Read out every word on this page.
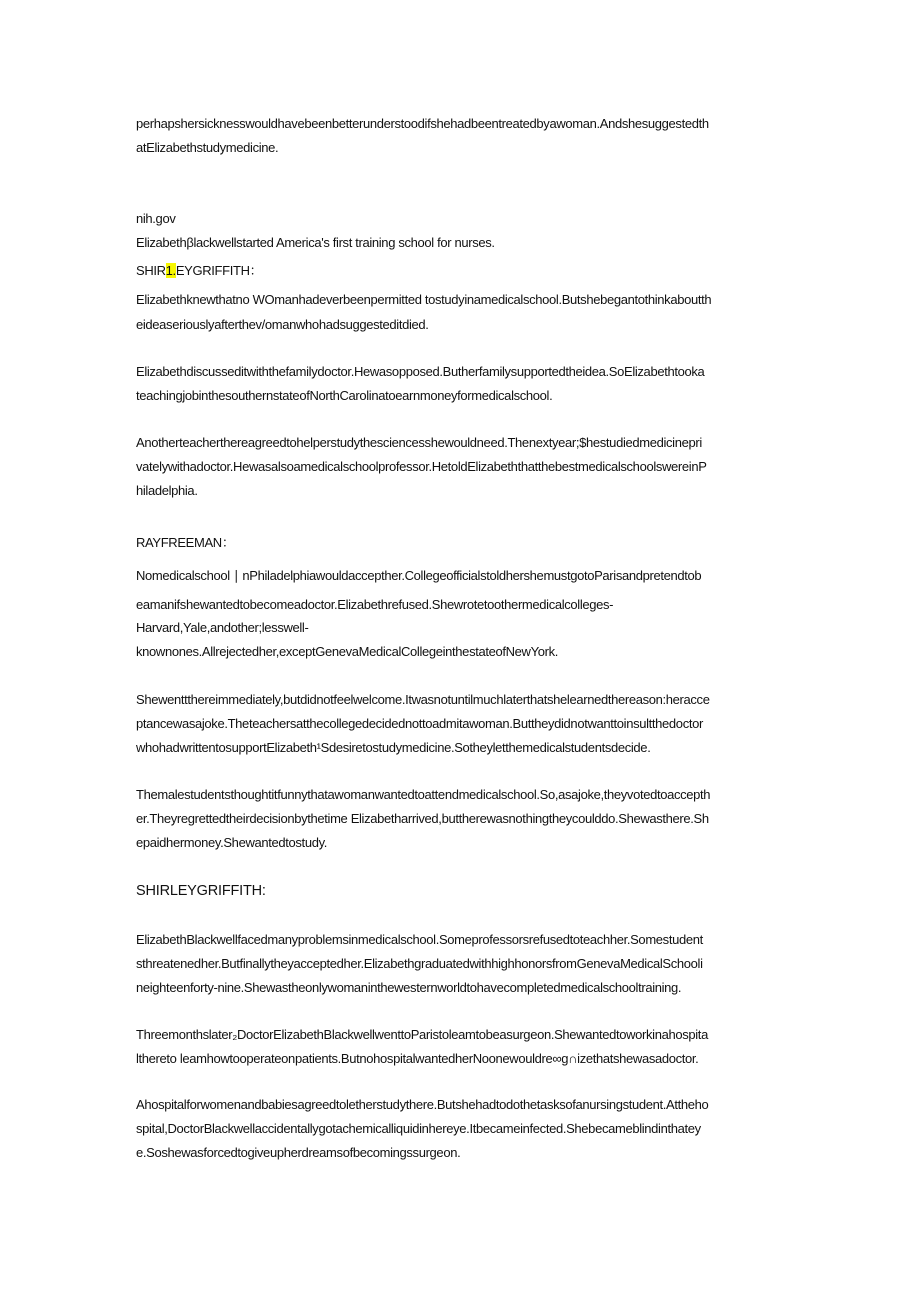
perhapshersicknesswouldhavebeenbetterunderstoodifshehadbeentreatedbyawoman.Andshesuggestedth
atElizabethstudymedicine.
nih.gov
Elizabethβlackwellstarted America's first training school for nurses.
SHIR1.EYGRIFFITH：
Elizabethknewthatno WOmanhadeverbeenpermitted tostudyinamedicalschool.Butshebegantothinkaboutth
eideaseriouslyafterthev/omanwhohadsuggesteditdied.
Elizabethdiscusseditwiththefamilydoctor.Hewasopposed.Butherfamilysupportedtheidea.SoElizabethtooka
teachingjobinthesouthernstateofNorthCarolinatoearnmoneyformedicalschool.
Anotherteacherthereagreedtohelperstudythesciencesshewouldneed.Thenextyear;$hestudiedmedicinepri
vatelywithadoctor.Hewasalsoamedicalschoolprofessor.HetoldElizabeththatthebestmedicalschoolswereinP
hiladelphia.
RAYFREEMAN：
Nomedicalschool ∣ nPhiladelphiawouldaccepther.CollegeofficialstoldhershemustgotoParisandpretendtob
eamanifshewantedtobecomeadoctor.Elizabethrefused.Shewrotetoothermedicalcolleges-
Harvard,Yale,andother;lesswell-
knownones.Allrejectedher,exceptGenevaMedicalCollegeinthestateofNewYork.
Shewenttthereimmediately,butdidnotfeelwelcome.Itwasnotuntilmuchlaterthatshelearnedthereason:heracce
ptancewasajoke.Theteachersatthecollegedecidednottoadmitawoman.Buttheydidnotwanttoinsultthedoctor
whohadwrittentosupportElizabeth¹Sdesiretostudymedicine.Sotheyletthemedicalstudentsdecide.
Themalestudentsthoughtitfunnythatawomanwantedtoattendmedicalschool.So,asajoke,theyvotedtoaccepth
er.Theyregrettedtheirdecisionbythetime Elizabetharrived,buttherewasnothingtheycoulddo.Shewasthere.Sh
epaidhermoney.Shewantedtostudy.
SHIRLEYGRIFFITH:
ElizabethBlackwellfacedmanyproblemsinmedicalschool.Someprofessorsrefusedtoteachher.Somestudent
sthreatenedher.Butfinallytheyacceptedher.ElizabethgraduatedwithhighhonorsfromGenevaMedicalSchooli
neighteenforty-nine.Shewastheonlywomaninthewesternworldtohavecompletedmedicalschooltraining.
Threemonthslater₂DoctorElizabethBlackwellwenttoParistoleamtobeasurgeon.Shewantedtoworkinahospita
lthereto leamhowtooperateonpatients.ButnohospitalwantedherNoonewouldre∞g∩izethatshewasadoctor.
Ahospitalforwomenandbabiesagreedtoletherstudythere.Butshehadtodothetasksofanursingstudent.Attheho
spital,DoctorBlackwellaccidentallygotachemicalliquidinhereye.Itbecameinfected.Shebecameblindinthatey
e.Soshewasforcedtogiveupherdreamsofbecomingssurgeon.
